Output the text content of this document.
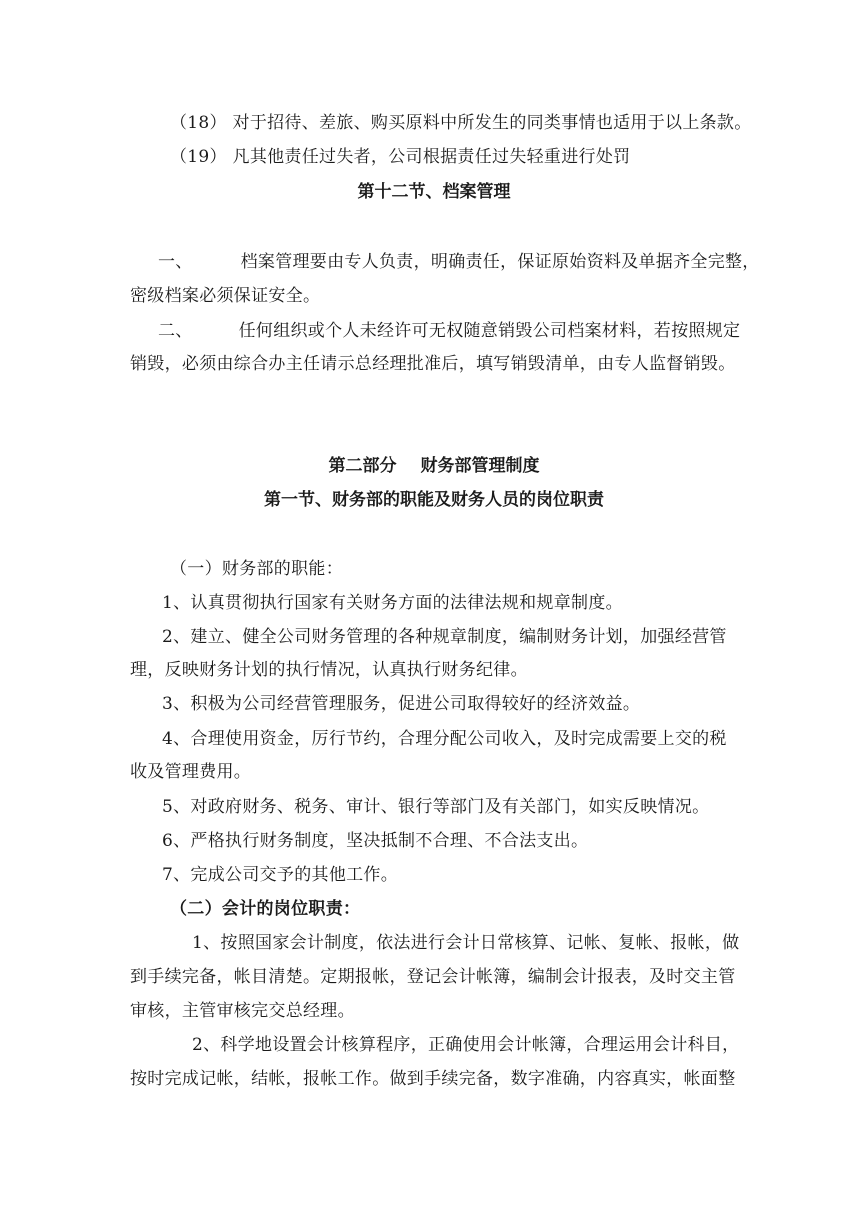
（18） 对于招待、差旅、购买原料中所发生的同类事情也适用于以上条款。
（19） 凡其他责任过失者，公司根据责任过失轻重进行处罚
第十二节、档案管理
一、	档案管理要由专人负责，明确责任，保证原始资料及单据齐全完整，
密级档案必须保证安全。
二、	任何组织或个人未经许可无权随意销毁公司档案材料，若按照规定
销毁，必须由综合办主任请示总经理批准后，填写销毁清单，由专人监督销毁。
第二部分 财务部管理制度
第一节、财务部的职能及财务人员的岗位职责
（一）财务部的职能：
1、认真贯彻执行国家有关财务方面的法律法规和规章制度。
2、建立、健全公司财务管理的各种规章制度，编制财务计划，加强经营管
理，反映财务计划的执行情况，认真执行财务纪律。
3、积极为公司经营管理服务，促进公司取得较好的经济效益。
4、合理使用资金，厉行节约，合理分配公司收入，及时完成需要上交的税
收及管理费用。
5、对政府财务、税务、审计、银行等部门及有关部门，如实反映情况。
6、严格执行财务制度，坚决抵制不合理、不合法支出。
7、完成公司交予的其他工作。
（二）会计的岗位职责：
1、按照国家会计制度，依法进行会计日常核算、记帐、复帐、报帐，做
到手续完备，帐目清楚。定期报帐，登记会计帐簿，编制会计报表，及时交主管
审核，主管审核完交总经理。
2、科学地设置会计核算程序，正确使用会计帐簿，合理运用会计科目，
按时完成记帐，结帐，报帐工作。做到手续完备，数字准确，内容真实，帐面整
